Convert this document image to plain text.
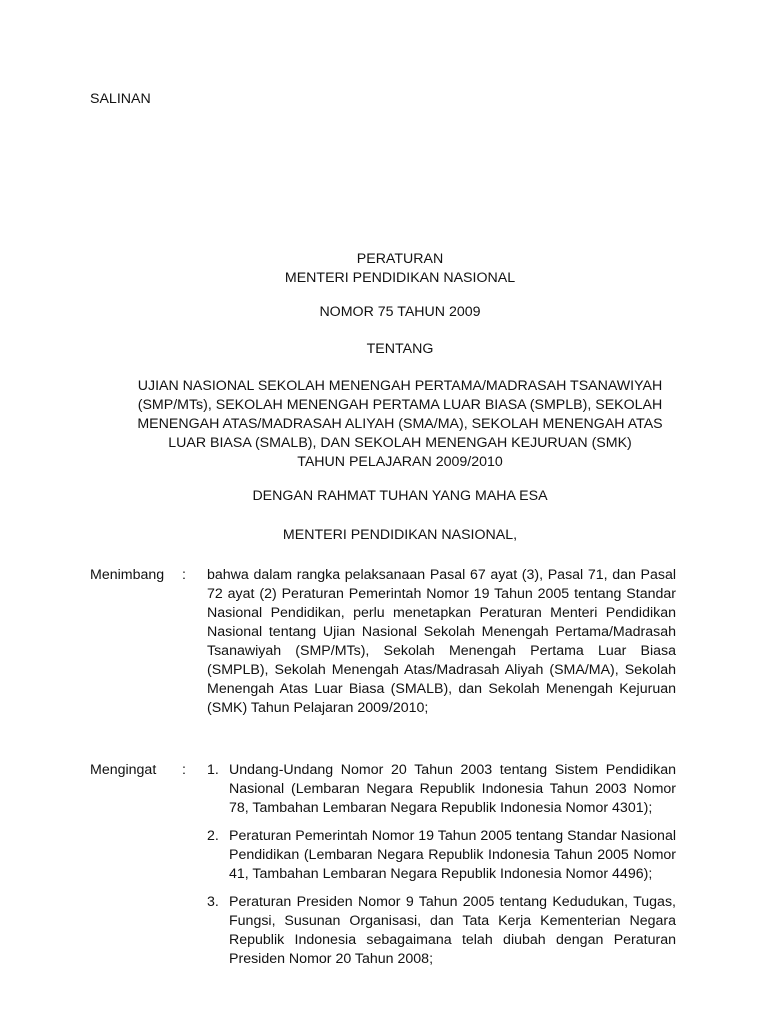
SALINAN
PERATURAN
MENTERI PENDIDIKAN NASIONAL
NOMOR 75 TAHUN 2009
TENTANG
UJIAN NASIONAL SEKOLAH MENENGAH PERTAMA/MADRASAH TSANAWIYAH
(SMP/MTs), SEKOLAH MENENGAH PERTAMA LUAR BIASA (SMPLB), SEKOLAH
MENENGAH ATAS/MADRASAH ALIYAH (SMA/MA), SEKOLAH MENENGAH ATAS
LUAR BIASA (SMALB), DAN SEKOLAH MENENGAH KEJURUAN (SMK)
TAHUN PELAJARAN 2009/2010
DENGAN RAHMAT TUHAN YANG MAHA ESA
MENTERI PENDIDIKAN NASIONAL,
Menimbang : bahwa dalam rangka pelaksanaan Pasal 67 ayat (3), Pasal 71, dan Pasal 72 ayat (2) Peraturan Pemerintah Nomor 19 Tahun 2005 tentang Standar Nasional Pendidikan, perlu menetapkan Peraturan Menteri Pendidikan Nasional tentang Ujian Nasional Sekolah Menengah Pertama/Madrasah Tsanawiyah (SMP/MTs), Sekolah Menengah Pertama Luar Biasa (SMPLB), Sekolah Menengah Atas/Madrasah Aliyah (SMA/MA), Sekolah Menengah Atas Luar Biasa (SMALB), dan Sekolah Menengah Kejuruan (SMK) Tahun Pelajaran 2009/2010;
Mengingat : 1. Undang-Undang Nomor 20 Tahun 2003 tentang Sistem Pendidikan Nasional (Lembaran Negara Republik Indonesia Tahun 2003 Nomor 78, Tambahan Lembaran Negara Republik Indonesia Nomor 4301);
2. Peraturan Pemerintah Nomor 19 Tahun 2005 tentang Standar Nasional Pendidikan (Lembaran Negara Republik Indonesia Tahun 2005 Nomor 41, Tambahan Lembaran Negara Republik Indonesia Nomor 4496);
3. Peraturan Presiden Nomor 9 Tahun 2005 tentang Kedudukan, Tugas, Fungsi, Susunan Organisasi, dan Tata Kerja Kementerian Negara Republik Indonesia sebagaimana telah diubah dengan Peraturan Presiden Nomor 20 Tahun 2008;
